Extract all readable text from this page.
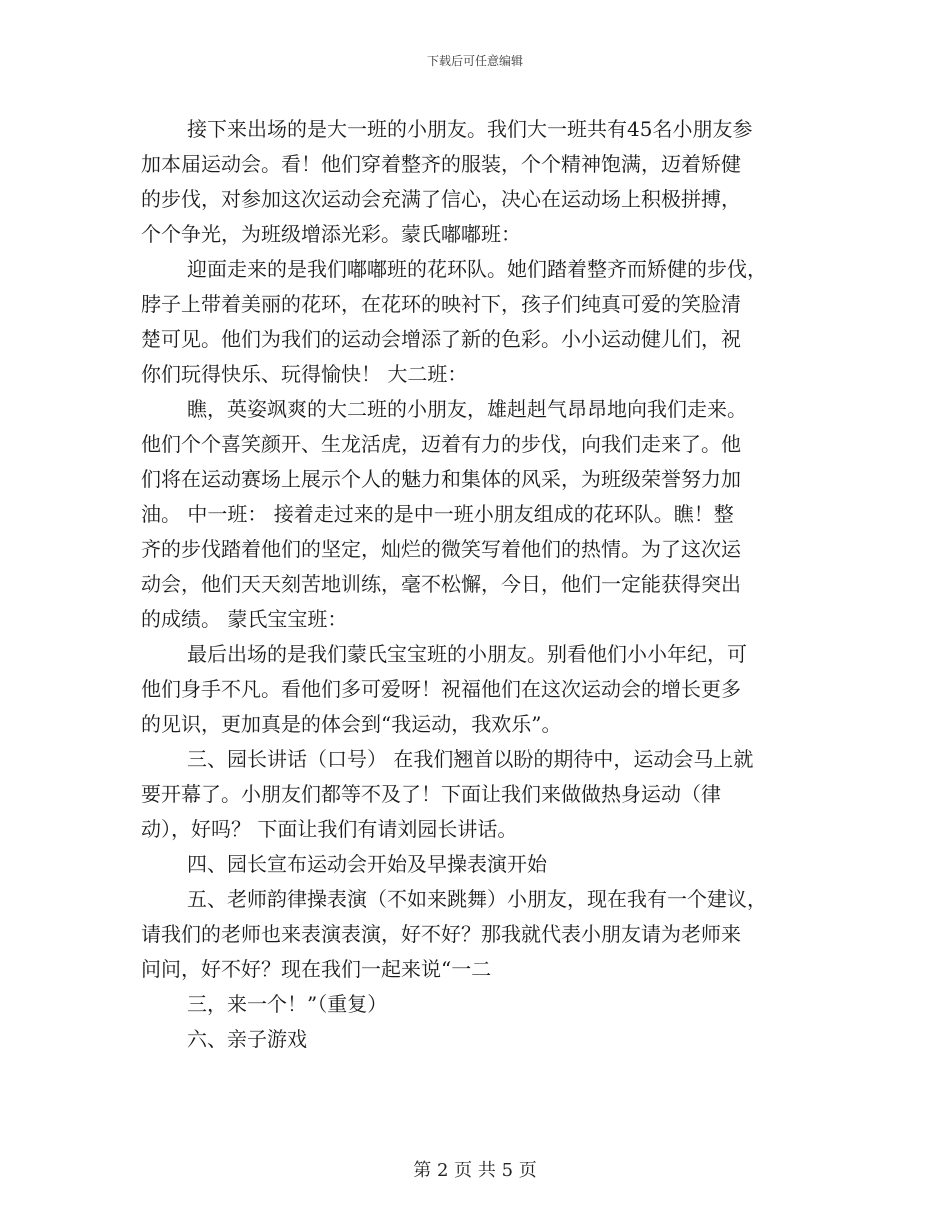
下载后可任意编辑

接下来出场的是大一班的小朋友。我们大一班共有45名小朋友参

加本届运动会。看！他们穿着整齐的服装，个个精神饱满，迈着矫健

的步伐，对参加这次运动会充满了信心，决心在运动场上积极拼搏，

个个争光，为班级增添光彩。蒙氏嘟嘟班：

迎面走来的是我们嘟嘟班的花环队。她们踏着整齐而矫健的步伐，

脖子上带着美丽的花环，在花环的映衬下，孩子们纯真可爱的笑脸清

楚可见。他们为我们的运动会增添了新的色彩。小小运动健儿们，祝

你们玩得快乐、玩得愉快！ 大二班：

瞧，英姿飒爽的大二班的小朋友，雄赳赳气昂昂地向我们走来。

他们个个喜笑颜开、生龙活虎，迈着有力的步伐，向我们走来了。他

们将在运动赛场上展示个人的魅力和集体的风采，为班级荣誉努力加

油。 中一班： 接着走过来的是中一班小朋友组成的花环队。瞧！整

齐的步伐踏着他们的坚定，灿烂的微笑写着他们的热情。为了这次运

动会，他们天天刻苦地训练，毫不松懈，今日，他们一定能获得突出

的成绩。 蒙氏宝宝班：

最后出场的是我们蒙氏宝宝班的小朋友。别看他们小小年纪，可

他们身手不凡。看他们多可爱呀！祝福他们在这次运动会的增长更多

的见识，更加真是的体会到“我运动，我欢乐”。

三、园长讲话（口号） 在我们翘首以盼的期待中，运动会马上就

要开幕了。小朋友们都等不及了！下面让我们来做做热身运动（律

动），好吗？ 下面让我们有请刘园长讲话。

四、园长宣布运动会开始及早操表演开始

五、老师韵律操表演（不如来跳舞）小朋友，现在我有一个建议，

请我们的老师也来表演表演，好不好？那我就代表小朋友请为老师来

问问，好不好？现在我们一起来说“一二

三，来一个！”（重复）

六、亲子游戏

第 2 页 共 5 页
